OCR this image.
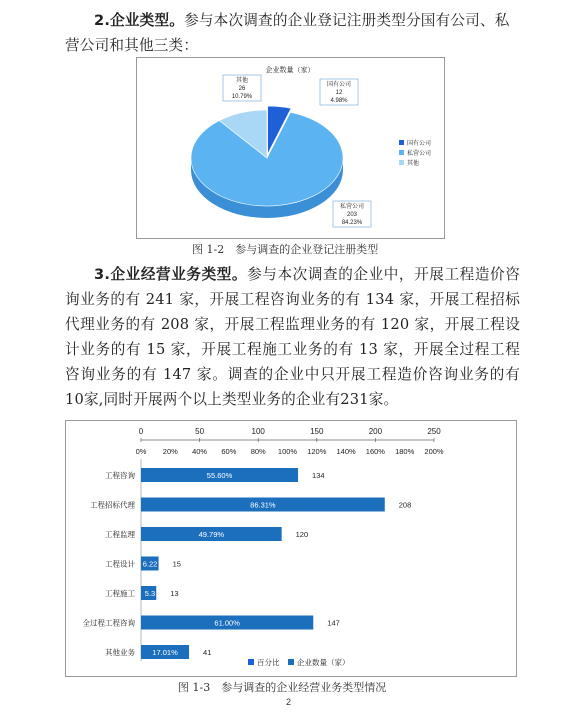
2.企业类型。参与本次调查的企业登记注册类型分国有公司、私营公司和其他三类：
企业数量（家）
国有公司
12
4.98%
私营公司
203
84.23%
其他
26
10.79%
国有公司
私营公司
其他
图 1-2　参与调查的企业登记注册类型
3.企业经营业务类型。参与本次调查的企业中，开展工程造价咨询业务的有 241 家，开展工程咨询业务的有 134 家，开展工程招标代理业务的有 208 家，开展工程监理业务的有 120 家，开展工程设计业务的有 15 家，开展工程施工业务的有 13 家，开展全过程工程咨询业务的有 147 家。调查的企业中只开展工程造价咨询业务的有10家,同时开展两个以上类型业务的企业有231家。
0	50	100	150	200	250
0% 20% 40% 60% 80% 100% 120% 140% 160% 180% 200%
工程咨询	55.60%	134
工程招标代理	86.31%	208
工程监理	49.79%	120
工程设计 6.22 15
工程施工 5.3 13
全过程工程咨询	61.00%	147
其他业务 17.01%	41
百分比 企业数量（家）
图 1-3　参与调查的企业经营业务类型情况
2
